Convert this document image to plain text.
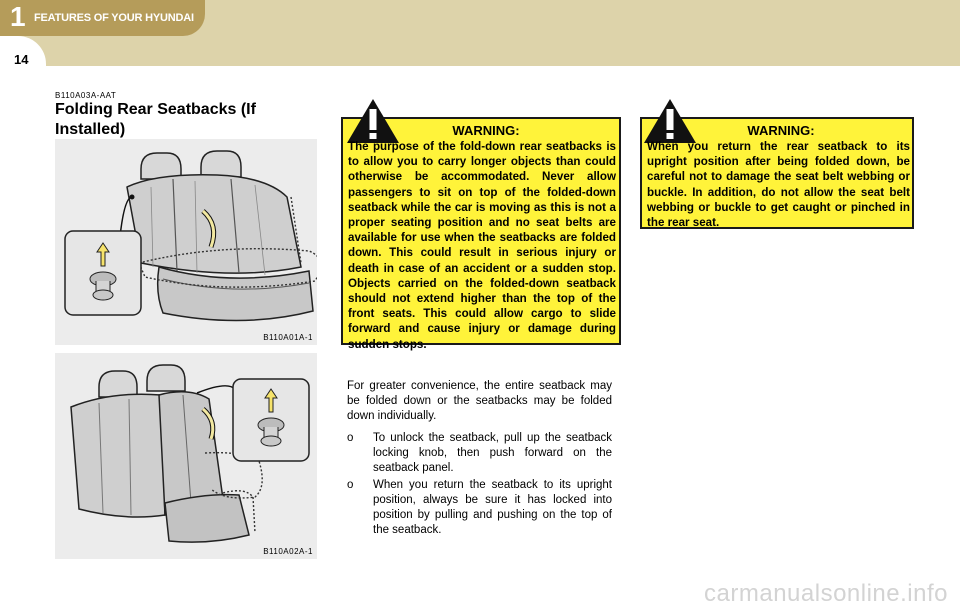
1 FEATURES OF YOUR HYUNDAI
14
B110A03A-AAT
Folding Rear Seatbacks (If Installed)
B110A01A-1
B110A02A-1
WARNING:
The purpose of the fold-down rear seatbacks is to allow you to carry longer objects than could otherwise be accommodated. Never allow passengers to sit on top of the folded-down seatback while the car is moving as this is not a proper seating position and no seat belts are available for use when the seatbacks are folded down. This could result in serious injury or death in case of an accident or a sudden stop. Objects carried on the folded-down seatback should not extend higher than the top of the front seats. This could allow cargo to slide forward and cause injury or damage during sudden stops.
WARNING:
When you return the rear seatback to its upright position after being folded down, be careful not to damage the seat belt webbing or buckle. In addition, do not allow the seat belt webbing or buckle to get caught or pinched in the rear seat.

For greater convenience, the entire seatback may be folded down or the seatbacks may be folded down individually.

o To unlock the seatback, pull up the seatback locking knob, then push forward on the seatback panel.
o When you return the seatback to its upright position, always be sure it has locked into position by pulling and pushing on the top of the seatback.
carmanualsonline.info
